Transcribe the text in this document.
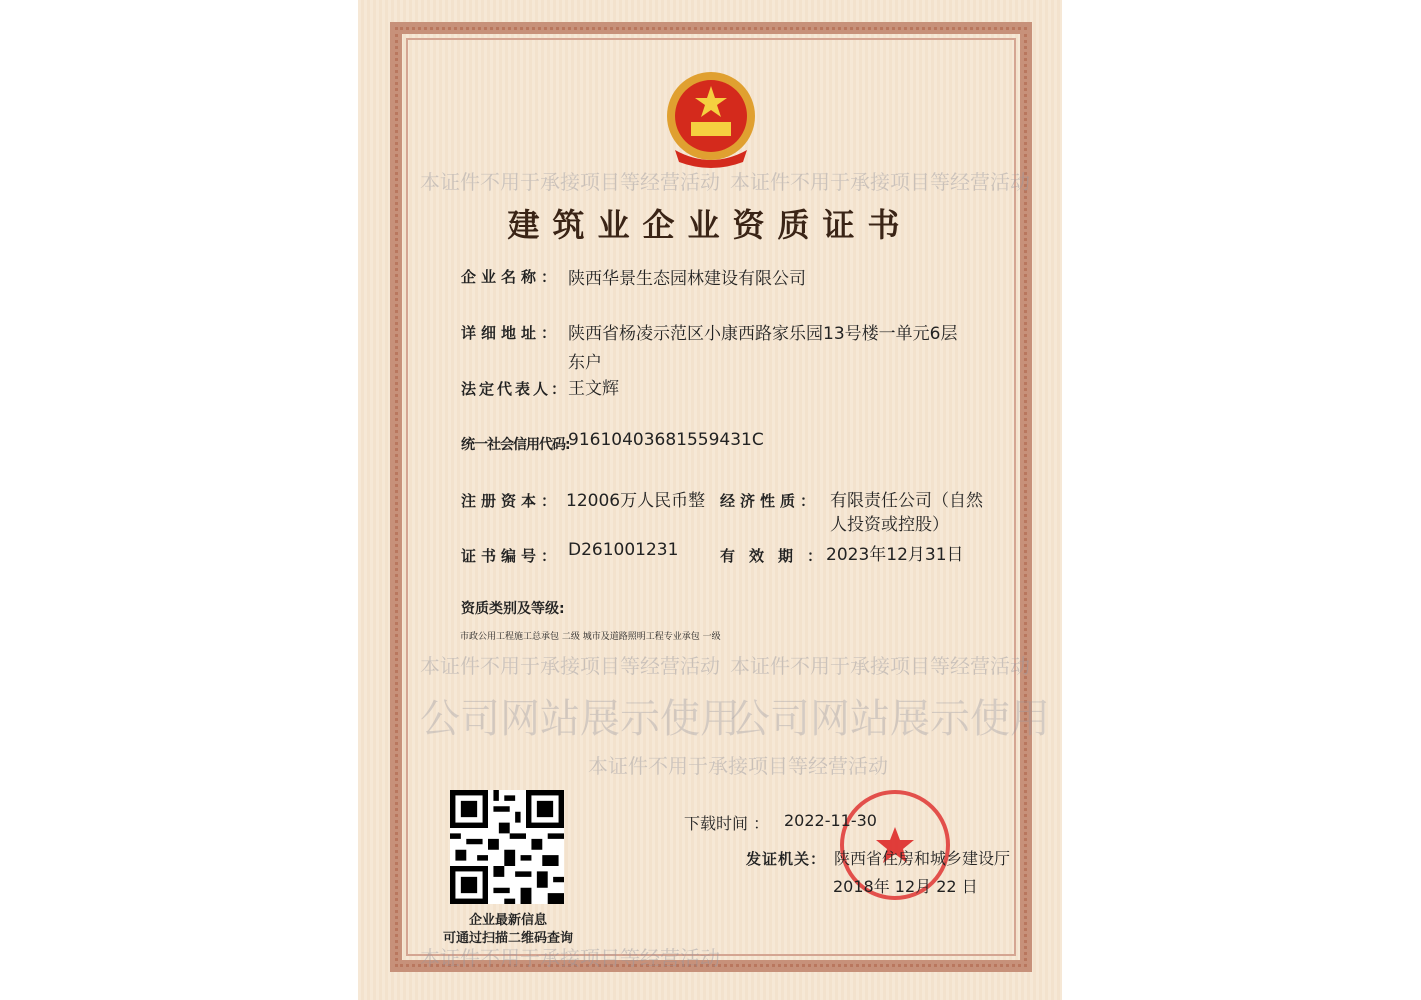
本证件不用于承接项目等经营活动 本证件不用于承接项目等经营活动
建筑业企业资质证书
企业名称： 陕西华景生态园林建设有限公司
详细地址： 陕西省杨凌示范区小康西路家乐园13号楼一单元6层
东户
法定代表人：
王文辉
统一社会信用代码:
916104036815594​31C
注册资本： 12006万人民币整 经济性质： 有限责任公司（自然
人投资或控股）
证书编号： D261001231	有效期：
2023年12月31日
资质类别及等级:
市政公用工程施工总承包 二级 城市及道路照明工程专业承包 一级
本证件不用于承接项目等经营活动 本证件不用于承接项目等经营活动
公司网站展示使用
公司网站展示使用
本证件不用于承接项目等经营活动
本证件不用于承接项目等经营活动
企业最新信息
可通过扫描二维码查询
下载时间 ： 2022-11-30
发证机关： 陕西省住房和城乡建设厅
2018年 12月 22 日
